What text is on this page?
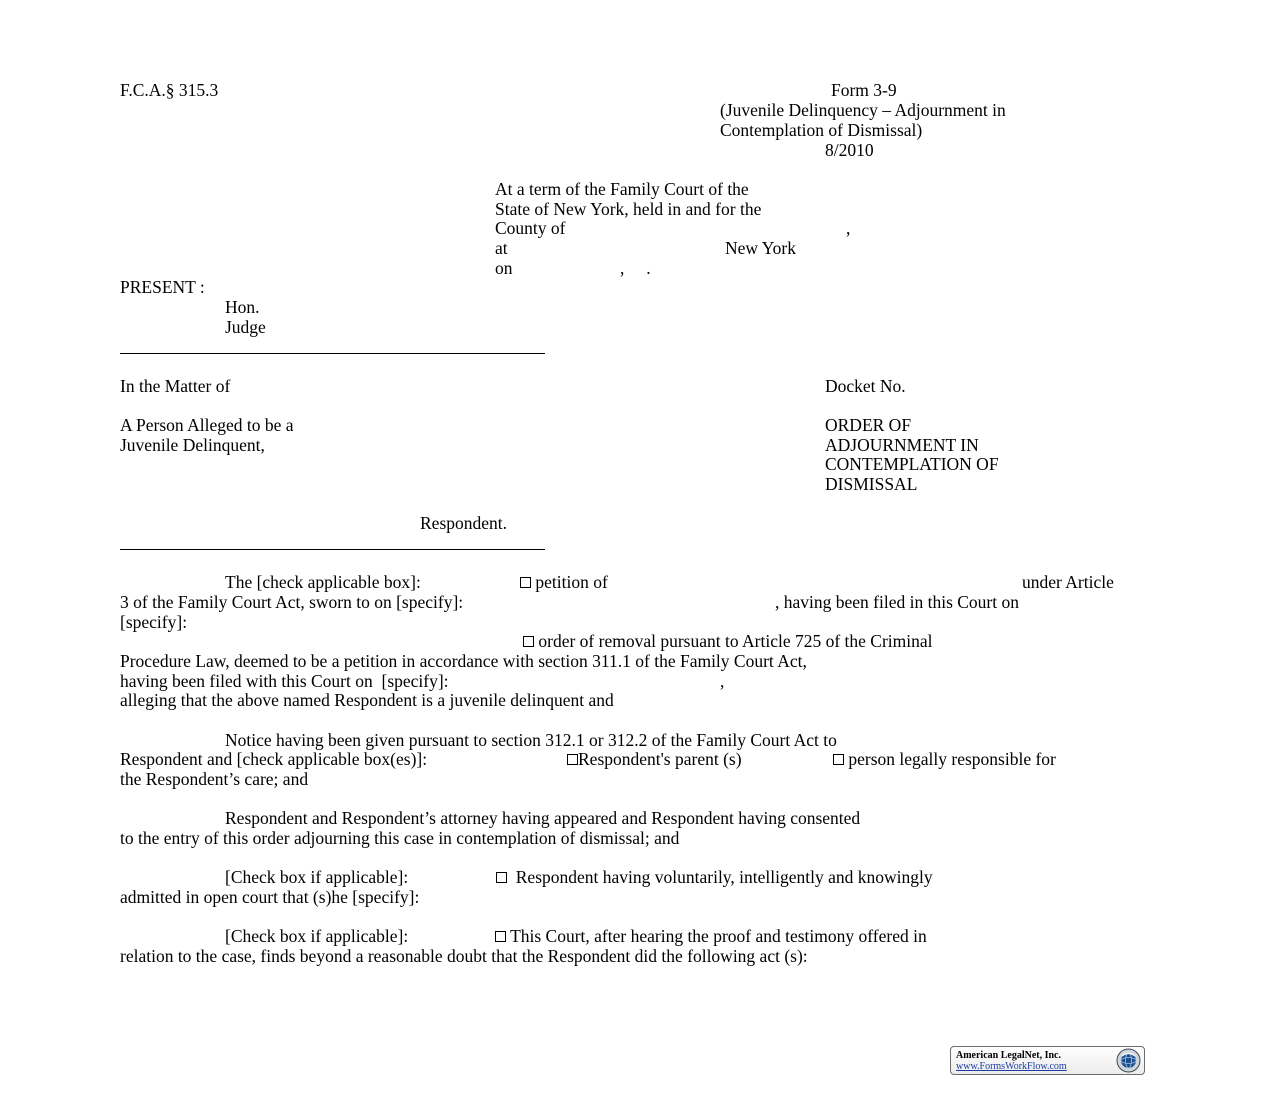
F.C.A.§ 315.3	Form 3-9
(Juvenile Delinquency – Adjournment in
Contemplation of Dismissal)
8/2010
At a term of the Family Court of the
State of New York, held in and for the
County of	,
at	New York
on	,     .
PRESENT :
Hon.
Judge
In the Matter of	Docket No.
A Person Alleged to be a
Juvenile Delinquent,
ORDER OF
ADJOURNMENT IN
CONTEMPLATION OF
DISMISSAL
Respondent.
The [check applicable box]:	petition of	under Article
3 of the Family Court Act, sworn to on [specify]:	, having been filed in this Court on
[specify]:
order of removal pursuant to Article 725 of the Criminal
Procedure Law, deemed to be a petition in accordance with section 311.1 of the Family Court Act,
having been filed with this Court on  [specify]:	,
alleging that the above named Respondent is a juvenile delinquent and
Notice having been given pursuant to section 312.1 or 312.2 of the Family Court Act to
Respondent and [check applicable box(es)]:	Respondent's parent (s)	person legally responsible for
the Respondent’s care; and
Respondent and Respondent’s attorney having appeared and Respondent having consented
to the entry of this order adjourning this case in contemplation of dismissal; and
[Check box if applicable]:	Respondent having voluntarily, intelligently and knowingly
admitted in open court that (s)he [specify]:
[Check box if applicable]:	This Court, after hearing the proof and testimony offered in
relation to the case, finds beyond a reasonable doubt that the Respondent did the following act (s):
American LegalNet, Inc.
www.FormsWorkFlow.com
